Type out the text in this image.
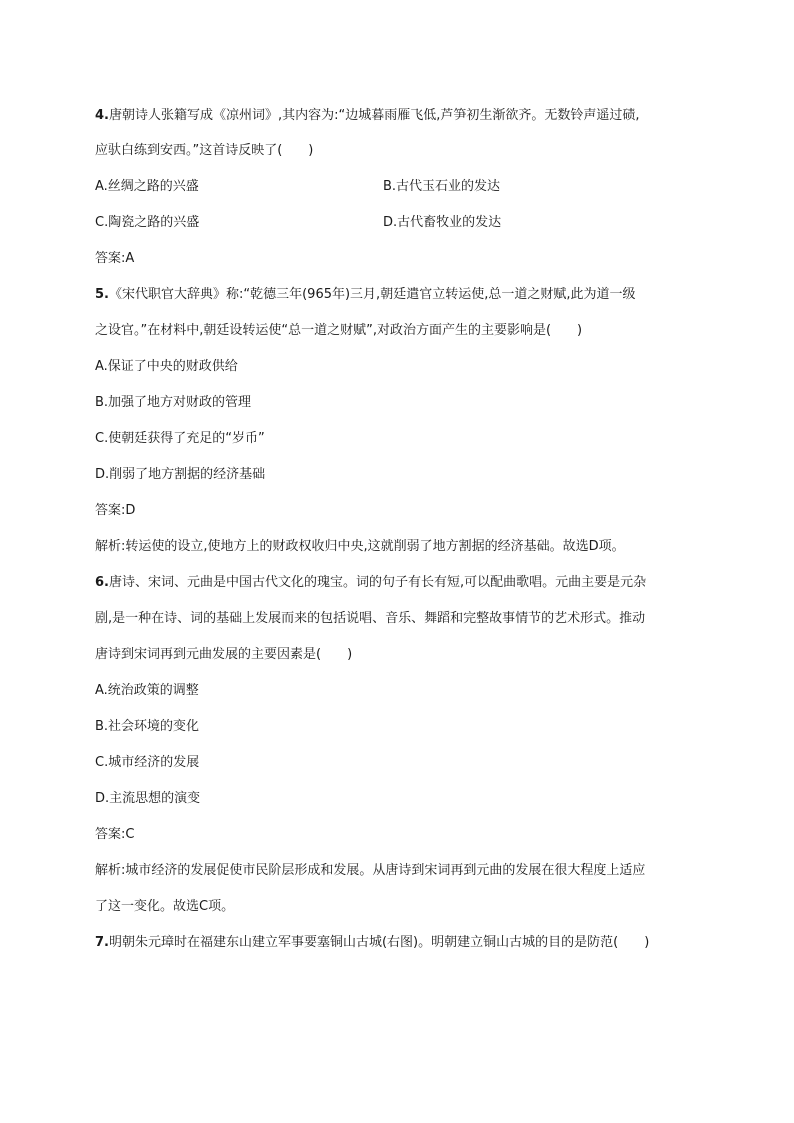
4.唐朝诗人张籍写成《凉州词》,其内容为:“边城暮雨雁飞低,芦笋初生渐欲齐。无数铃声遥过碛,
应驮白练到安西。”这首诗反映了(　　)
A.丝绸之路的兴盛	B.古代玉石业的发达
C.陶瓷之路的兴盛	D.古代畜牧业的发达
答案:A
5.《宋代职官大辞典》称:“乾德三年(965年)三月,朝廷遣官立转运使,总一道之财赋,此为道一级
之设官。”在材料中,朝廷设转运使“总一道之财赋”,对政治方面产生的主要影响是(　　)
A.保证了中央的财政供给
B.加强了地方对财政的管理
C.使朝廷获得了充足的“岁币”
D.削弱了地方割据的经济基础
答案:D
解析:转运使的设立,使地方上的财政权收归中央,这就削弱了地方割据的经济基础。故选D项。
6.唐诗、宋词、元曲是中国古代文化的瑰宝。词的句子有长有短,可以配曲歌唱。元曲主要是元杂
剧,是一种在诗、词的基础上发展而来的包括说唱、音乐、舞蹈和完整故事情节的艺术形式。推动
唐诗到宋词再到元曲发展的主要因素是(　　)
A.统治政策的调整
B.社会环境的变化
C.城市经济的发展
D.主流思想的演变
答案:C
解析:城市经济的发展促使市民阶层形成和发展。从唐诗到宋词再到元曲的发展在很大程度上适应
了这一变化。故选C项。
7.明朝朱元璋时在福建东山建立军事要塞铜山古城(右图)。明朝建立铜山古城的目的是防范(　　)
